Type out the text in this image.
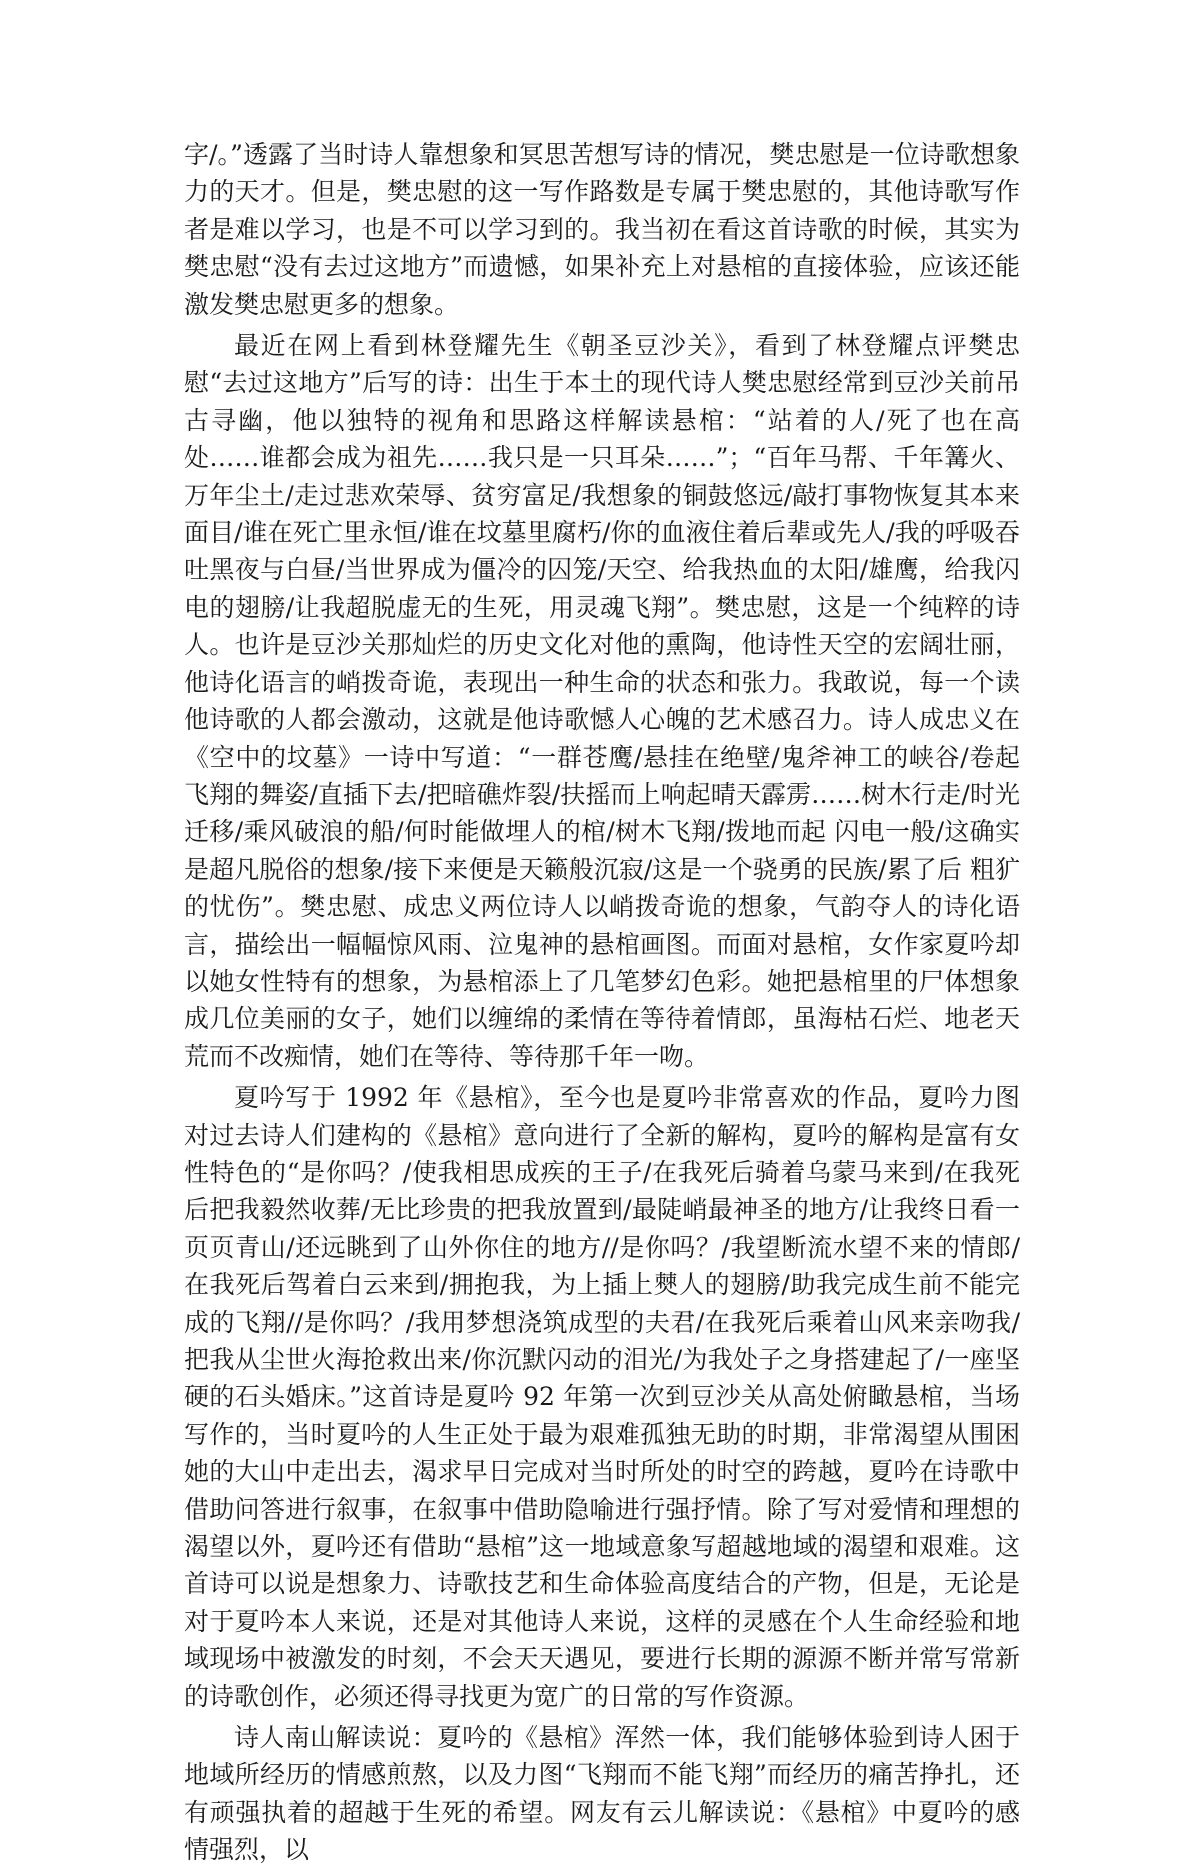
字/。”透露了当时诗人靠想象和冥思苦想写诗的情况，樊忠慰是一位诗歌想象力的天才。但是，樊忠慰的这一写作路数是专属于樊忠慰的，其他诗歌写作者是难以学习，也是不可以学习到的。我当初在看这首诗歌的时候，其实为樊忠慰“没有去过这地方”而遗憾，如果补充上对悬棺的直接体验，应该还能激发樊忠慰更多的想象。

最近在网上看到林登耀先生《朝圣豆沙关》，看到了林登耀点评樊忠慰“去过这地方”后写的诗：出生于本土的现代诗人樊忠慰经常到豆沙关前吊古寻幽，他以独特的视角和思路这样解读悬棺：“站着的人/死了也在高处……谁都会成为祖先……我只是一只耳朵……”；“百年马帮、千年篝火、万年尘土/走过悲欢荣辱、贫穷富足/我想象的铜鼓悠远/敲打事物恢复其本来面目/谁在死亡里永恒/谁在坟墓里腐朽/你的血液住着后辈或先人/我的呼吸吞吐黑夜与白昼/当世界成为僵冷的囚笼/天空、给我热血的太阳/雄鹰，给我闪电的翅膀/让我超脱虚无的生死，用灵魂飞翔”。樊忠慰，这是一个纯粹的诗人。也许是豆沙关那灿烂的历史文化对他的熏陶，他诗性天空的宏阔壮丽，他诗化语言的峭拨奇诡，表现出一种生命的状态和张力。我敢说，每一个读他诗歌的人都会激动，这就是他诗歌憾人心魄的艺术感召力。诗人成忠义在《空中的坟墓》一诗中写道：“一群苍鹰/悬挂在绝壁/鬼斧神工的峡谷/卷起飞翔的舞姿/直插下去/把暗礁炸裂/扶摇而上响起晴天霹雳……树木行走/时光迁移/乘风破浪的船/何时能做埋人的棺/树木飞翔/拨地而起 闪电一般/这确实是超凡脱俗的想象/接下来便是天籁般沉寂/这是一个骁勇的民族/累了后 粗犷的忧伤”。樊忠慰、成忠义两位诗人以峭拨奇诡的想象，气韵夺人的诗化语言，描绘出一幅幅惊风雨、泣鬼神的悬棺画图。而面对悬棺，女作家夏吟却以她女性特有的想象，为悬棺添上了几笔梦幻色彩。她把悬棺里的尸体想象成几位美丽的女子，她们以缠绵的柔情在等待着情郎，虽海枯石烂、地老天荒而不改痴情，她们在等待、等待那千年一吻。

夏吟写于 1992 年《悬棺》，至今也是夏吟非常喜欢的作品，夏吟力图对过去诗人们建构的《悬棺》意向进行了全新的解构，夏吟的解构是富有女性特色的“是你吗？/使我相思成疾的王子/在我死后骑着乌蒙马来到/在我死后把我毅然收葬/无比珍贵的把我放置到/最陡峭最神圣的地方/让我终日看一页页青山/还远眺到了山外你住的地方//是你吗？/我望断流水望不来的情郎/在我死后驾着白云来到/拥抱我，为上插上僰人的翅膀/助我完成生前不能完成的飞翔//是你吗？/我用梦想浇筑成型的夫君/在我死后乘着山风来亲吻我/把我从尘世火海抢救出来/你沉默闪动的泪光/为我处子之身搭建起了/一座坚硬的石头婚床。”这首诗是夏吟 92 年第一次到豆沙关从高处俯瞰悬棺，当场写作的，当时夏吟的人生正处于最为艰难孤独无助的时期，非常渴望从围困她的大山中走出去，渴求早日完成对当时所处的时空的跨越，夏吟在诗歌中借助问答进行叙事，在叙事中借助隐喻进行强抒情。除了写对爱情和理想的渴望以外，夏吟还有借助“悬棺”这一地域意象写超越地域的渴望和艰难。这首诗可以说是想象力、诗歌技艺和生命体验高度结合的产物，但是，无论是对于夏吟本人来说，还是对其他诗人来说，这样的灵感在个人生命经验和地域现场中被激发的时刻，不会天天遇见，要进行长期的源源不断并常写常新的诗歌创作，必须还得寻找更为宽广的日常的写作资源。

诗人南山解读说：夏吟的《悬棺》浑然一体，我们能够体验到诗人困于地域所经历的情感煎熬，以及力图“飞翔而不能飞翔”而经历的痛苦挣扎，还有顽强执着的超越于生死的希望。网友有云儿解读说：《悬棺》中夏吟的感情强烈，以
